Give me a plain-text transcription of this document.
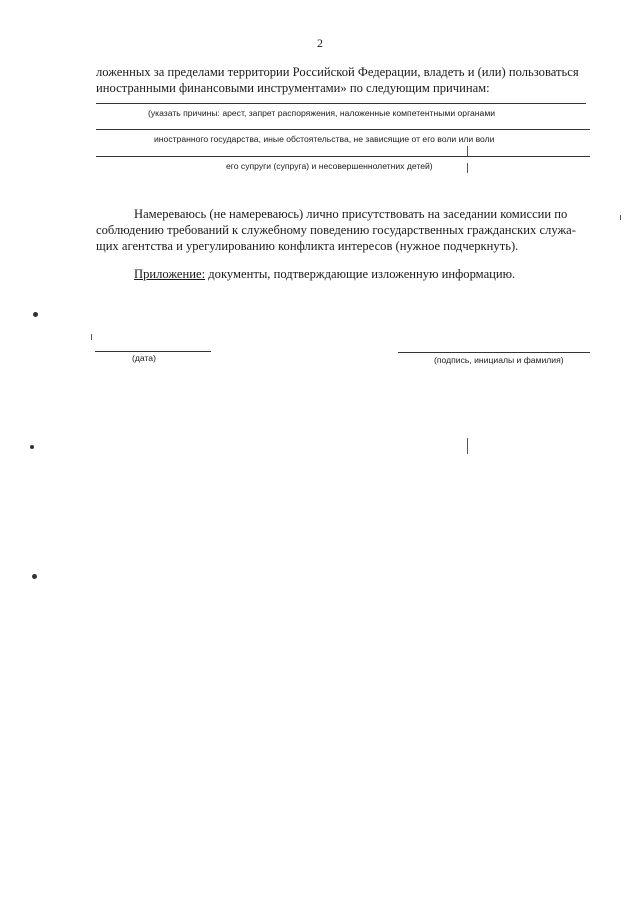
2
ложенных за пределами территории Российской Федерации, владеть и (или) пользоваться
иностранными финансовыми инструментами» по следующим причинам:
(указать причины: арест, запрет распоряжения, наложенные компетентными органами
иностранного государства, иные обстоятельства, не зависящие от его воли или воли
его супруги (супруга) и несовершеннолетних детей)
Намереваюсь (не намереваюсь) лично присутствовать на заседании комиссии по
соблюдению требований к служебному поведению государственных гражданских служа-
щих агентства и урегулированию конфликта интересов (нужное подчеркнуть).
Приложение: документы, подтверждающие изложенную информацию.
(дата)	(подпись, инициалы и фамилия)
